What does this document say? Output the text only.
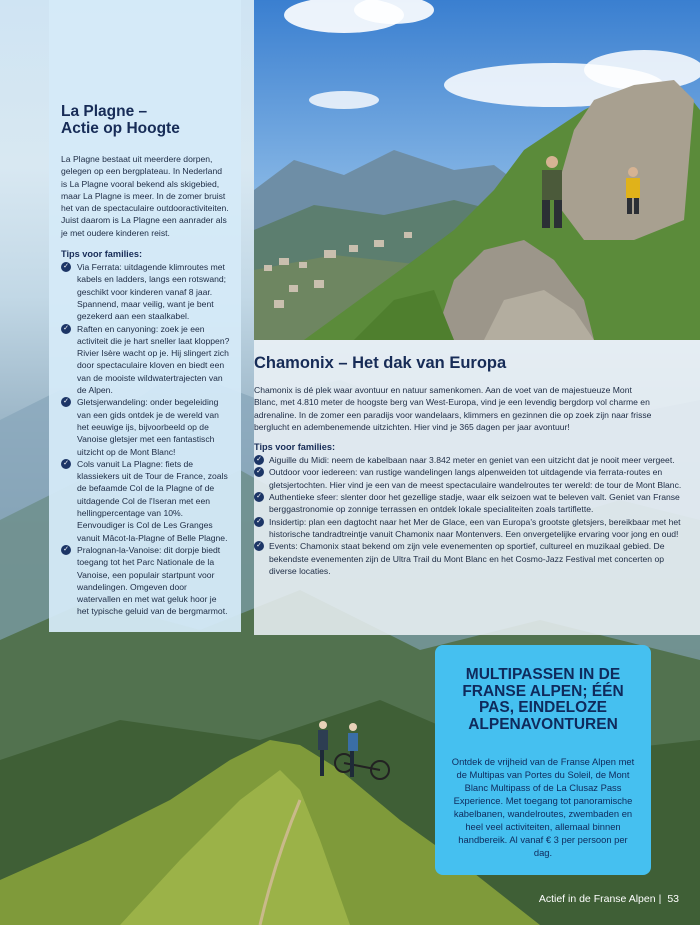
La Plagne –
Actie op Hoogte

La Plagne bestaat uit meerdere dorpen, gelegen op een bergplateau. In Nederland is La Plagne vooral bekend als skigebied, maar La Plagne is meer. In de zomer bruist het van de spectaculaire outdooractiviteiten. Juist daarom is La Plagne een aanrader als je met oudere kinderen reist.

Tips voor families:
✓ Via Ferrata: uitdagende klimroutes met kabels en ladders, langs een rotswand; geschikt voor kinderen vanaf 8 jaar. Spannend, maar veilig, want je bent gezekerd aan een staalkabel.
✓ Raften en canyoning: zoek je een activiteit die je hart sneller laat kloppen? Rivier Isère wacht op je. Hij slingert zich door spectaculaire kloven en biedt een van de mooiste wildwatertrajecten van de Alpen.
✓ Gletsjerwandeling: onder begeleiding van een gids ontdek je de wereld van het eeuwige ijs, bijvoorbeeld op de Vanoise gletsjer met een fantastisch uitzicht op de Mont Blanc!
✓ Cols vanuit La Plagne: fiets de klassiekers uit de Tour de France, zoals de befaamde Col de la Plagne of de uitdagende Col de l'Iseran met een hellingpercentage van 10%. Eenvoudiger is Col de Les Granges vanuit Mâcot-la-Plagne of Belle Plagne.
✓ Pralognan-la-Vanoise: dit dorpje biedt toegang tot het Parc Nationale de la Vanoise, een populair startpunt voor wandelingen. Omgeven door watervallen en met wat geluk hoor je het typische geluid van de bergmarmot.
Chamonix – Het dak van Europa

Chamonix is dé plek waar avontuur en natuur samenkomen. Aan de voet van de majestueuze Mont Blanc, met 4.810 meter de hoogste berg van West-Europa, vind je een levendig bergdorp vol charme en adrenaline. In de zomer een paradijs voor wandelaars, klimmers en gezinnen die op zoek zijn naar frisse berglucht en adembenemende uitzichten. Hier vind je 365 dagen per jaar avontuur!

Tips voor families:
✓ Aiguille du Midi: neem de kabelbaan naar 3.842 meter en geniet van een uitzicht dat je nooit meer vergeet.
✓ Outdoor voor iedereen: van rustige wandelingen langs alpenweiden tot uitdagende via ferrata-routes en gletsjertochten. Hier vind je een van de meest spectaculaire wandelroutes ter wereld: de tour de Mont Blanc.
✓ Authentieke sfeer: slenter door het gezellige stadje, waar elk seizoen wat te beleven valt. Geniet van Franse berggastronomie op zonnige terrassen en ontdek lokale specialiteiten zoals tartiflette.
✓ Insidertip: plan een dagtocht naar het Mer de Glace, een van Europa's grootste gletsjers, bereikbaar met het historische tandradtreintje vanuit Chamonix naar Montenvers. Een onvergetelijke ervaring voor jong en oud!
✓ Events: Chamonix staat bekend om zijn vele evenementen op sportief, cultureel en muzikaal gebied. De bekendste evenementen zijn de Ultra Trail du Mont Blanc en het Cosmo-Jazz Festival met concerten op diverse locaties.
MULTIPASSEN IN DE FRANSE ALPEN; ÉÉN PAS, EINDELOZE ALPENAVONTUREN

Ontdek de vrijheid van de Franse Alpen met de Multipas van Portes du Soleil, de Mont Blanc Multipass of de La Clusaz Pass Experience. Met toegang tot panoramische kabelbanen, wandelroutes, zwembaden en heel veel activiteiten, allemaal binnen handbereik. Al vanaf € 3 per persoon per dag.

Actief in de Franse Alpen | 53
